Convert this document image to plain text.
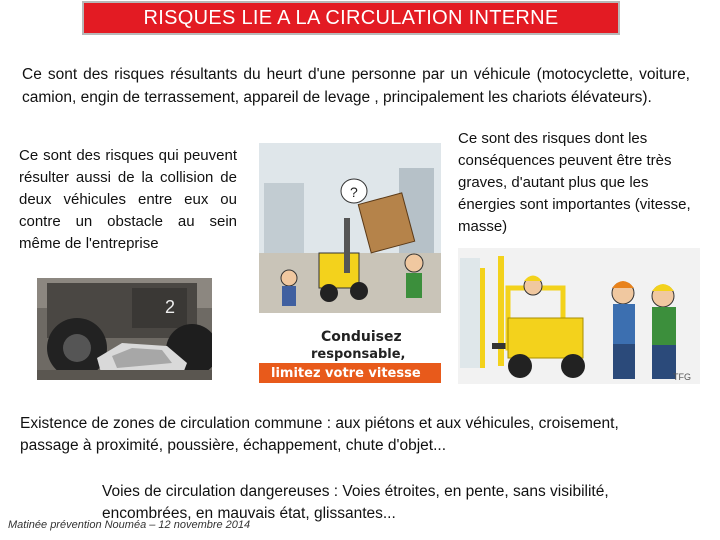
RISQUES LIE A LA CIRCULATION INTERNE
Ce sont des risques résultants du heurt d'une personne par un véhicule (motocyclette, voiture, camion, engin de terrassement, appareil de levage , principalement les chariots élévateurs).
Ce sont des risques qui peuvent résulter aussi de la collision de deux véhicules entre eux ou contre un obstacle au sein même de l'entreprise
Ce sont des risques dont les conséquences peuvent être très graves, d'autant plus que les énergies sont importantes (vitesse, masse)
2
?
Conduisez
responsable,
limitez votre vitesse	TFG
Existence de zones de circulation commune : aux piétons et aux véhicules, croisement, passage à proximité, poussière, échappement, chute d'objet...
Voies de circulation dangereuses : Voies étroites, en pente, sans visibilité, encombrées, en mauvais état, glissantes...
Matinée prévention Nouméa – 12 novembre 2014
